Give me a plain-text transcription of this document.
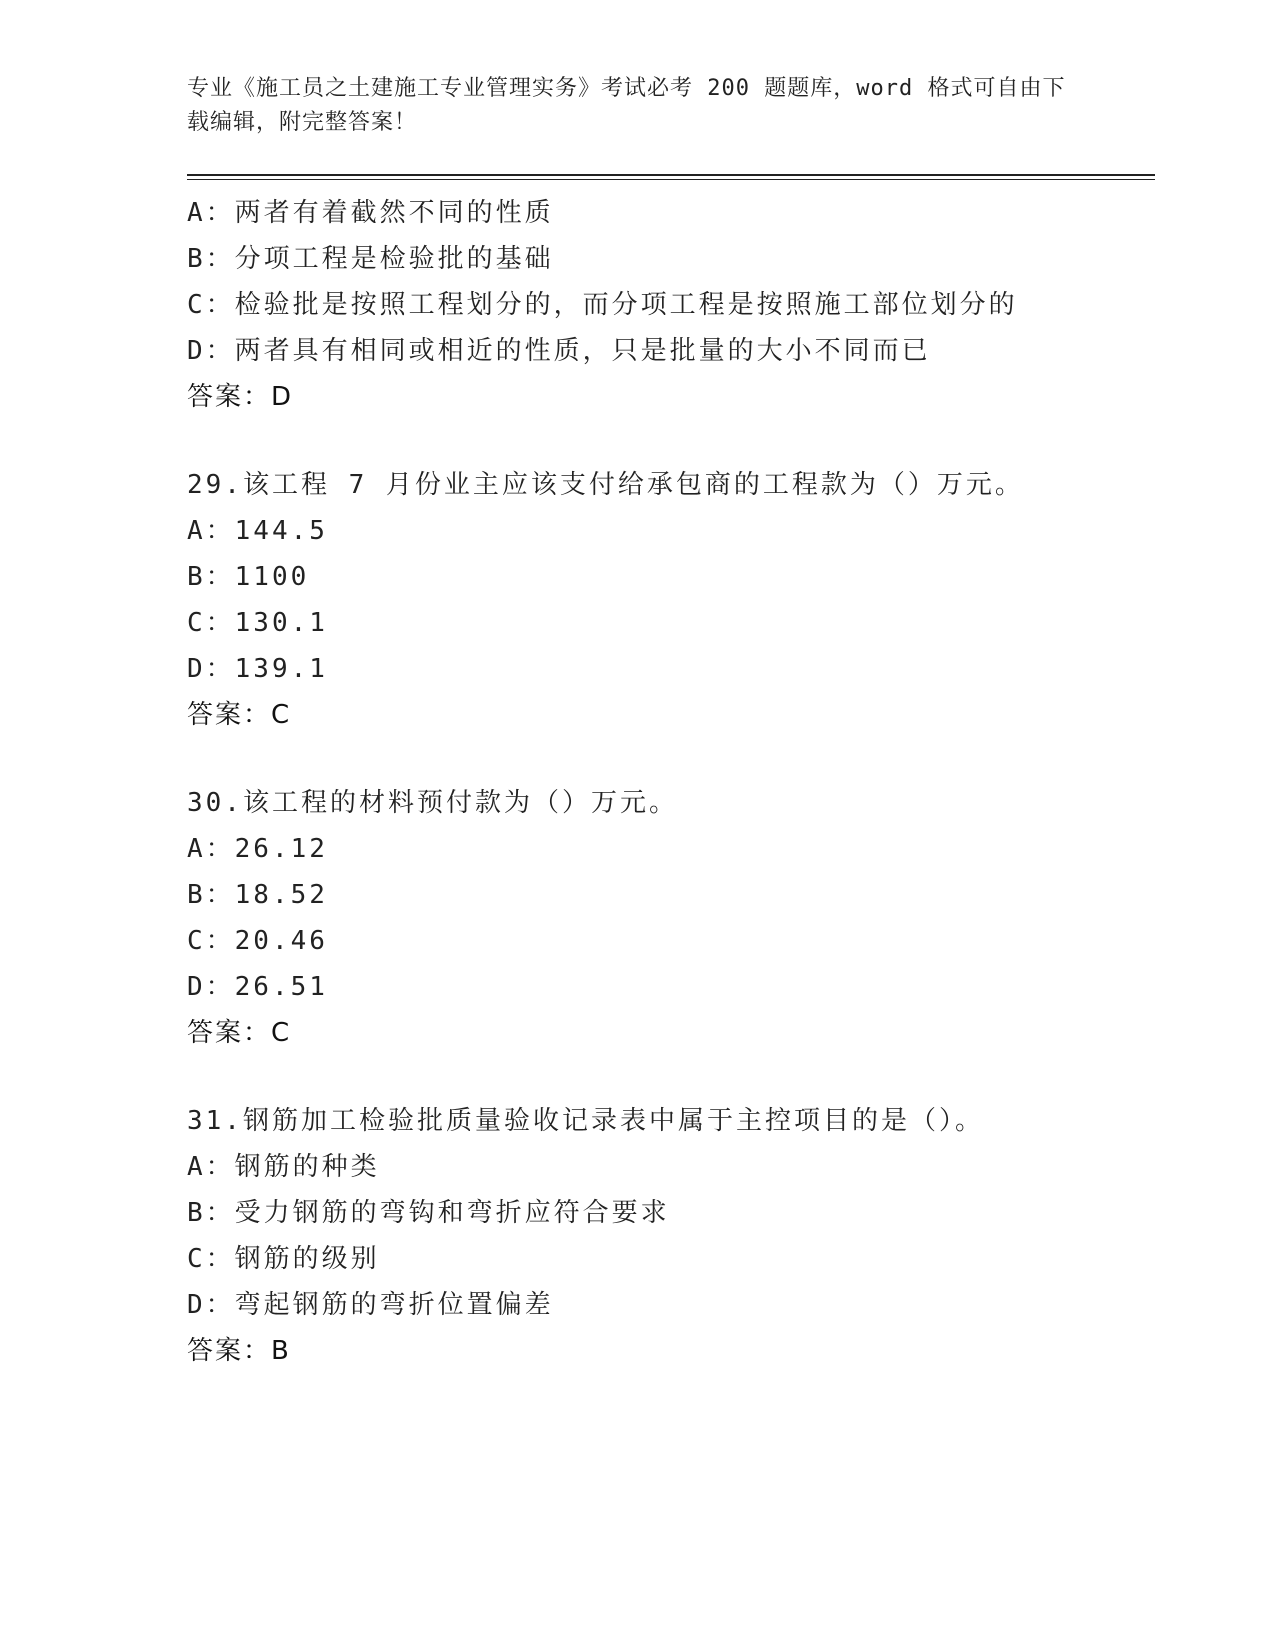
专业《施工员之土建施工专业管理实务》考试必考 200 题题库，word 格式可自由下载编辑，附完整答案！
A：两者有着截然不同的性质
B：分项工程是检验批的基础
C：检验批是按照工程划分的，而分项工程是按照施工部位划分的
D：两者具有相同或相近的性质，只是批量的大小不同而已
答案：D
29.该工程 7 月份业主应该支付给承包商的工程款为（）万元。
A：144.5
B：1100
C：130.1
D：139.1
答案：C
30.该工程的材料预付款为（）万元。
A：26.12
B：18.52
C：20.46
D：26.51
答案：C
31.钢筋加工检验批质量验收记录表中属于主控项目的是（）。
A：钢筋的种类
B：受力钢筋的弯钩和弯折应符合要求
C：钢筋的级别
D：弯起钢筋的弯折位置偏差
答案：B
